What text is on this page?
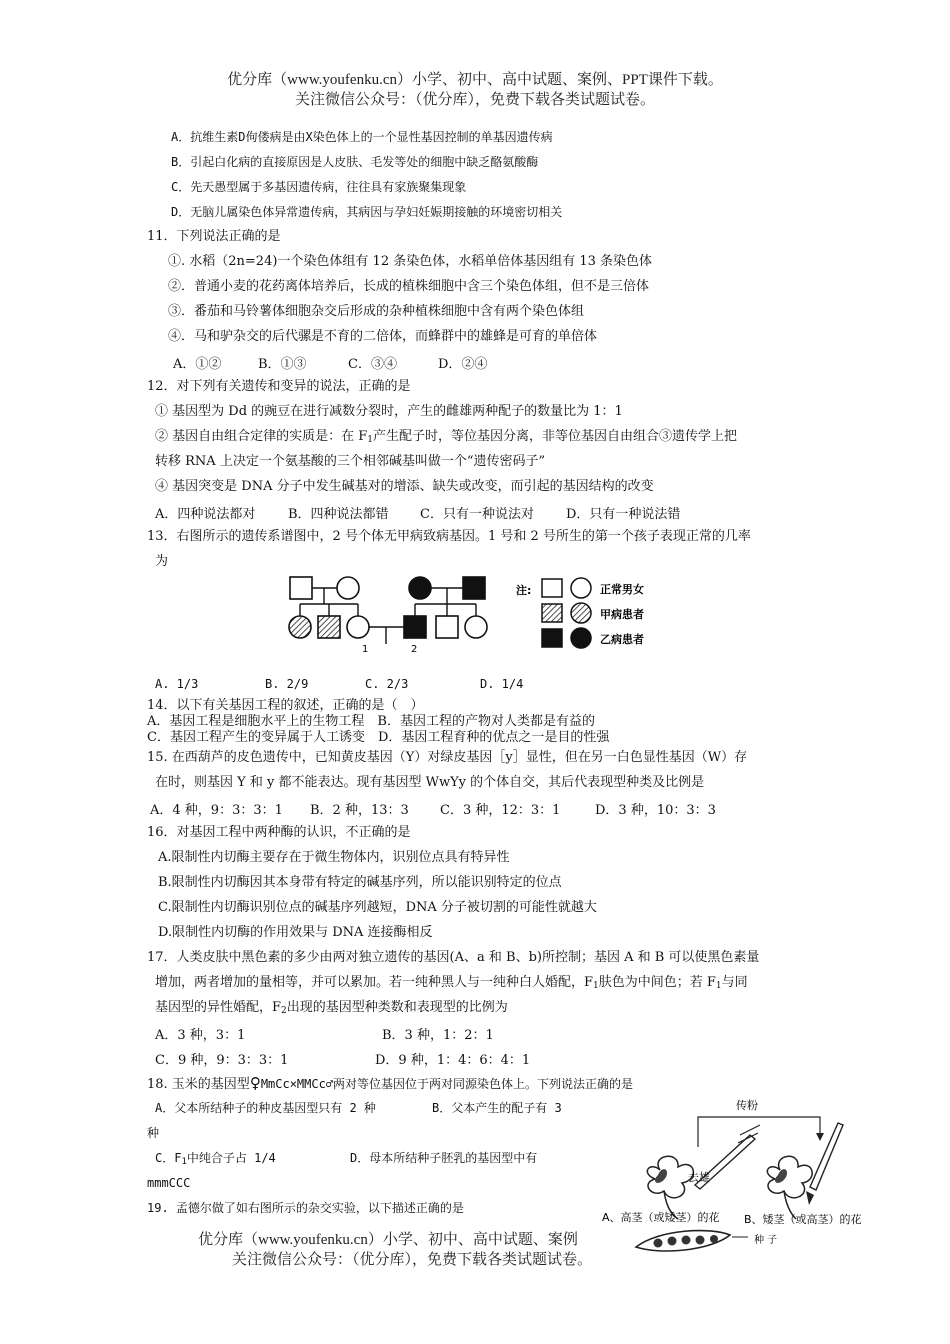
优分库（www.youfenku.cn）小学、初中、高中试题、案例、PPT课件下载。
关注微信公众号：（优分库），免费下载各类试题试卷。
A．抗维生素D佝偻病是由X染色体上的一个显性基因控制的单基因遗传病
B．引起白化病的直接原因是人皮肤、毛发等处的细胞中缺乏酪氨酸酶
C．先天愚型属于多基因遗传病，往往具有家族聚集现象
D．无脑儿属染色体异常遗传病，其病因与孕妇妊娠期接触的环境密切相关
11．下列说法正确的是
①. 水稻（2n=24)一个染色体组有 12 条染色体，水稻单倍体基因组有 13 条染色体
②．普通小麦的花药离体培养后，长成的植株细胞中含三个染色体组，但不是三倍体
③．番茄和马铃薯体细胞杂交后形成的杂种植株细胞中含有两个染色体组
④．马和驴杂交的后代骡是不育的二倍体，而蜂群中的雄蜂是可育的单倍体
A．①②	B．①③	C．③④	D．②④
12．对下列有关遗传和变异的说法，正确的是
① 基因型为 Dd 的豌豆在进行减数分裂时，产生的雌雄两种配子的数量比为 1：1
② 基因自由组合定律的实质是：在 $F_1$产生配子时，等位基因分离，非等位基因自由组合③遗传学上把
转移 RNA 上决定一个氨基酸的三个相邻碱基叫做一个“遗传密码子”
④ 基因突变是 DNA 分子中发生碱基对的增添、缺失或改变，而引起的基因结构的改变
A．四种说法都对	B．四种说法都错 C．只有一种说法对 D．只有一种说法错
13．右图所示的遗传系谱图中，2 号个体无甲病致病基因。1 号和 2 号所生的第一个孩子表现正常的几率
为
1	2
注:	正常男女
甲病患者
乙病患者
A. 1/3	B. 2/9	C. 2/3	D. 1/4
14．以下有关基因工程的叙述，正确的是（　）
A．基因工程是细胞水平上的生物工程　B．基因工程的产物对人类都是有益的
C．基因工程产生的变异属于人工诱变　D．基因工程育种的优点之一是目的性强
15. 在西葫芦的皮色遗传中，已知黄皮基因（Y）对绿皮基因［y］显性，但在另一白色显性基因（W）存
在时，则基因 Y 和 y 都不能表达。现有基因型 WwYy 的个体自交，其后代表现型种类及比例是
A．4 种，9：3：3：1 B．2 种，13：3 C．3 种，12：3：1	D．3 种，10：3：3
16．对基因工程中两种酶的认识，不正确的是
A.限制性内切酶主要存在于微生物体内，识别位点具有特异性
B.限制性内切酶因其本身带有特定的碱基序列，所以能识别特定的位点
C.限制性内切酶识别位点的碱基序列越短，DNA 分子被切割的可能性就越大
D.限制性内切酶的作用效果与 DNA 连接酶相反
17．人类皮肤中黑色素的多少由两对独立遗传的基因(A、a 和 B、b)所控制；基因 A 和 B 可以使黑色素量
增加，两者增加的量相等，并可以累加。若一纯种黑人与一纯种白人婚配，$F_1$肤色为中间色；若 $F_1$与同
基因型的异性婚配，$F_2$出现的基因型种类数和表现型的比例为
A．3 种，3：1	B．3 种，1：2：1
C．9 种，9：3：3：1	D．9 种，1：4：6：4：1
18. 玉米的基因型♀MmCc×MMCc♂两对等位基因位于两对同源染色体上。下列说法正确的是
A．父本所结种子的种皮基因型只有 2 种	B．父本产生的配子有 3
种
C．$F_1$中纯合子占 1/4	D．母本所结种子胚乳的基因型中有
mmmCCC
19. 孟德尔做了如右图所示的杂交实验，以下描述正确的是
传粉
去雄
A、高茎（或矮茎）的花 B、矮茎（或高茎）的花
种 子
优分库（www.youfenku.cn）小学、初中、高中试题、案例
关注微信公众号：（优分库），免费下载各类试题试卷。
